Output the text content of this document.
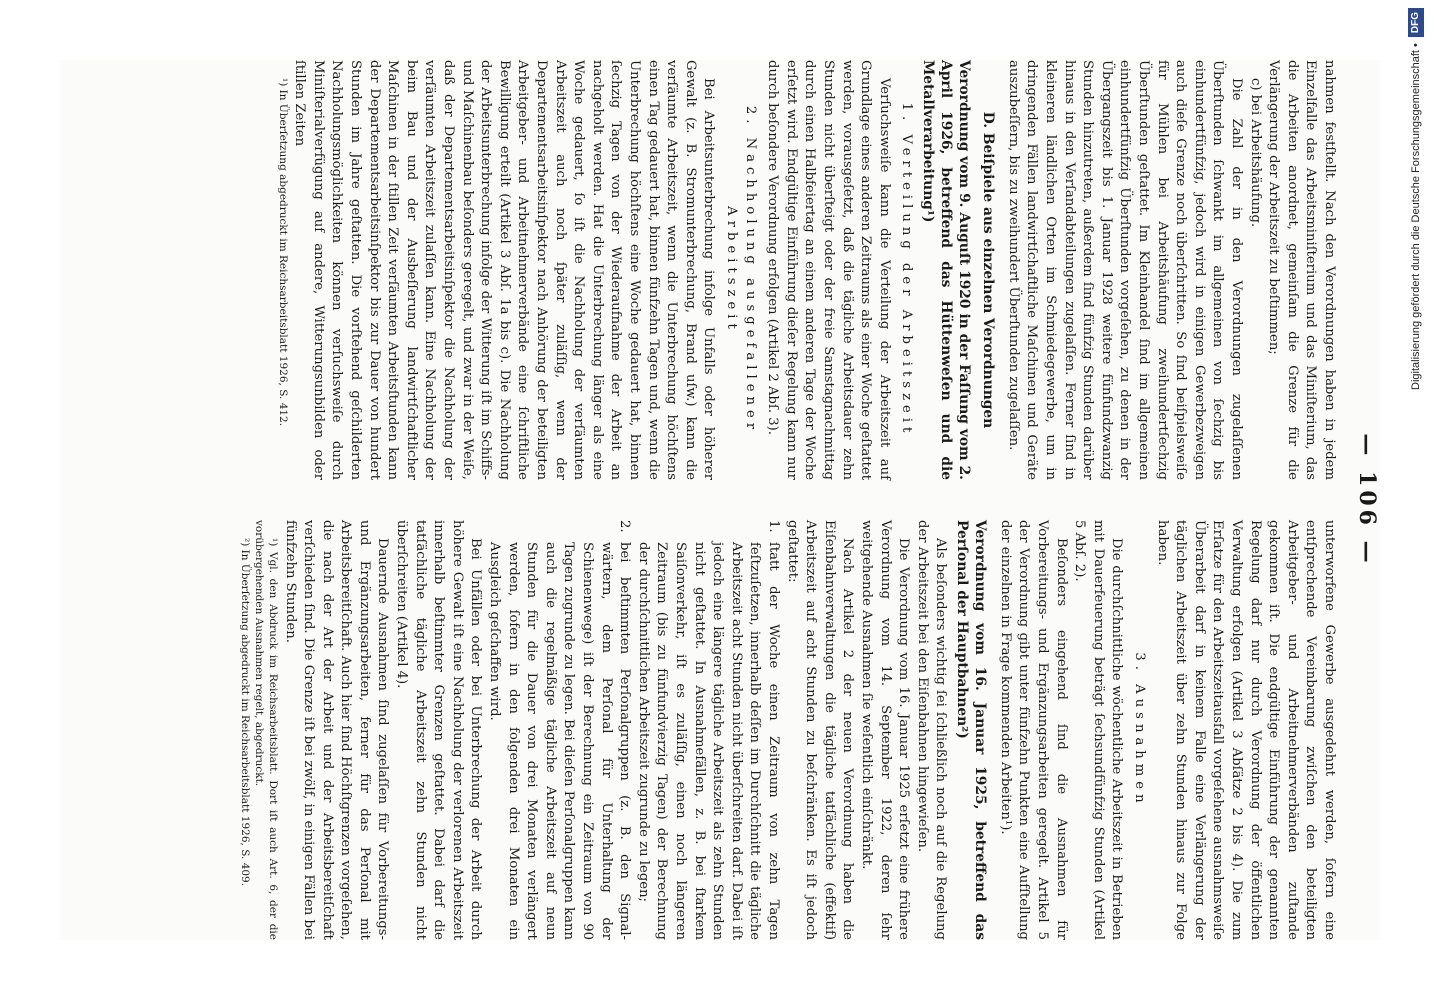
— 106 —

nahmen festſtellt. Nach den Verordnungen haben in jedem Einzelfalle das Arbeitsminiſterium und das Miniſterium, das die Arbeiten anordnet, gemeinſam die Grenze für die Verlängerung der Arbeitszeit zu beſtimmen;

c) bei Arbeitshäufung.

Die Zahl der in den Verordnungen zugelaſſenen Überſtunden ſchwankt im allgemeinen von ſechzig bis einhundertfünfzig, jedoch wird in einigen Gewerbezweigen auch dieſe Grenze noch überſchritten. So ſind beiſpielsweiſe für Mühlen bei Arbeitshäufung zweihundertſechzig Überſtunden geſtattet. Im Kleinhandel ſind im allgemeinen einhundertfünfzig Überſtunden vorgeſehen, zu denen in der Übergangszeit bis 1. Januar 1928 weitere fünfundzwanzig Stunden hinzutreten, außerdem ſind fünfzig Stunden darüber hinaus in den Verſandabteilungen zugelaſſen. Ferner ſind in kleineren ländlichen Orten im Schmiedegewerbe, um in dringenden Fällen landwirtſchaftliche Maſchinen und Geräte auszubeſſern, bis zu zweihundert Überſtunden zugelaſſen.

D. Beiſpiele aus einzelnen Verordnungen
Verordnung vom 9. Auguſt 1920 in der Faſſung vom 2. April 1926, betreffend das Hüttenweſen und die Metallverarbeitung¹)

1. Verteilung der Arbeitszeit

Verſuchsweiſe kann die Verteilung der Arbeitszeit auf Grundlage eines anderen Zeitraums als einer Woche geſtattet werden, vorausgeſetzt, daß die tägliche Arbeitsdauer zehn Stunden nicht überſteigt oder der freie Samstagnachmittag durch einen Halbfeiertag an einem anderen Tage der Woche erſetzt wird. Endgültige Einführung dieſer Regelung kann nur durch beſondere Verordnung erfolgen (Artikel 2 Abſ. 3).

2. Nachholung ausgefallener Arbeitszeit

Bei Arbeitsunterbrechung infolge Unfalls oder höherer Gewalt (z. B. Stromunterbrechung, Brand uſw.) kann die verſäumte Arbeitszeit, wenn die Unterbrechung höchſtens einen Tag gedauert hat, binnen fünfzehn Tagen und, wenn die Unterbrechung höchſtens eine Woche gedauert hat, binnen ſechzig Tagen von der Wiederaufnahme der Arbeit an nachgeholt werden. Hat die Unterbrechung länger als eine Woche gedauert, ſo iſt die Nachholung der verſäumten Arbeitszeit auch noch ſpäter zuläſſig, wenn der Departementsarbeitsinſpektor nach Anhörung der beteiligten Arbeitgeber- und Arbeitnehmerverbände eine ſchriftliche Bewilligung erteilt (Artikel 3 Abſ. 1a bis c). Die Nachholung der Arbeitsunterbrechung infolge der Witterung iſt im Schiffs- und Maſchinenbau beſonders geregelt, und zwar in der Weiſe, daß der Departementsarbeitsinſpektor die Nachholung der verſäumten Arbeitszeit zulaſſen kann. Eine Nachholung der beim Bau und der Ausbeſſerung landwirtſchaftlicher Maſchinen in der ſtillen Zeit verſäumten Arbeitsſtunden kann der Departementsarbeitsinſpektor bis zur Dauer von hundert Stunden im Jahre geſtatten. Die vorſtehend geſchilderten Nachholungsmöglichkeiten können verſuchsweiſe durch Miniſterialverfügung auf andere, Witterungsunbilden oder ſtillen Zeiten

¹) In Überſetzung abgedruckt im Reichsarbeitsblatt 1926, S. 412.

unterworfene Gewerbe ausgedehnt werden, ſofern eine entſprechende Vereinbarung zwiſchen den beteiligten Arbeitgeber- und Arbeitnehmerverbänden zuſtande gekommen iſt. Die endgültige Einführung der genannten Regelung darf nur durch Verordnung der öffentlichen Verwaltung erfolgen (Artikel 3 Abſätze 2 bis 4). Die zum Erſatze für den Arbeitszeitausfall vorgeſehene ausnahmsweiſe Überarbeit darf in keinem Falle eine Verlängerung der täglichen Arbeitszeit über zehn Stunden hinaus zur Folge haben.

3. Ausnahmen

Die durchſchnittliche wöchentliche Arbeitszeit in Betrieben mit Dauerfeuerung beträgt ſechsundfünfzig Stunden (Artikel 5 Abſ. 2).

Beſonders eingehend ſind die Ausnahmen für Vorbereitungs- und Ergänzungsarbeiten geregelt. Artikel 5 der Verordnung gibt unter fünfzehn Punkten eine Aufſtellung der einzelnen in Frage kommenden Arbeiten¹).

Verordnung vom 16. Januar 1925, betreffend das Perſonal der Hauptbahnen²)

Als beſonders wichtig ſei ſchließlich noch auf die Regelung der Arbeitszeit bei den Eiſenbahnen hingewieſen.

Die Verordnung vom 16. Januar 1925 erſetzt eine frühere Verordnung vom 14. September 1922, deren ſehr weitgehende Ausnahmen ſie weſentlich einſchränkt.

Nach Artikel 2 der neuen Verordnung haben die Eiſenbahnverwaltungen die tägliche tatſächliche (effektif) Arbeitszeit auf acht Stunden zu beſchränken. Es iſt jedoch geſtattet:

1.
ſtatt der Woche einen Zeitraum von zehn Tagen feſtzuſetzen, innerhalb deſſen im Durchſchnitt die tägliche Arbeitszeit acht Stunden nicht überſchreiten darf. Dabei iſt jedoch eine längere tägliche Arbeitszeit als zehn Stunden nicht geſtattet. In Ausnahmefällen, z. B. bei ſtarkem Saiſonverkehr, iſt es zuläſſig, einen noch längeren Zeitraum (bis zu fünfundvierzig Tagen) der Berechnung der durchſchnittlichen Arbeitszeit zugrunde zu legen;

2.
bei beſtimmten Perſonalgruppen (z. B. den Signal- wärtern, dem Perſonal für Unterhaltung der Schienenwege) iſt der Berechnung ein Zeitraum von 90 Tagen zugrunde zu legen. Bei dieſen Perſonalgruppen kann auch die regelmäßige tägliche Arbeitszeit auf neun Stunden für die Dauer von drei Monaten verlängert werden, ſofern in den folgenden drei Monaten ein Ausgleich geſchaffen wird.

Bei Unfällen oder bei Unterbrechung der Arbeit durch höhere Gewalt iſt eine Nachholung der verlorenen Arbeitszeit innerhalb beſtimmter Grenzen geſtattet. Dabei darf die tatſächliche tägliche Arbeitszeit zehn Stunden nicht überſchreiten (Artikel 4).

Dauernde Ausnahmen ſind zugelaſſen für Vorbereitungs- und Ergänzungsarbeiten, ferner für das Perſonal mit Arbeitsbereitſchaft. Auch hier ſind Höchſtgrenzen vorgeſehen, die nach der Art der Arbeit und der Arbeitsbereitſchaft verſchieden ſind. Die Grenze iſt bei zwölf, in einigen Fällen bei fünfzehn Stunden.

¹) Vgl. den Abdruck im Reichsarbeitsblatt. Dort iſt auch Art. 6, der die vorübergehenden Ausnahmen regelt, abgedruckt.

²) In Überſetzung abgedruckt im Reichsarbeitsblatt 1926, S. 409.

Digitalisierung gefördert durch die Deutsche Forschungsgemeinschaft •
DFG
